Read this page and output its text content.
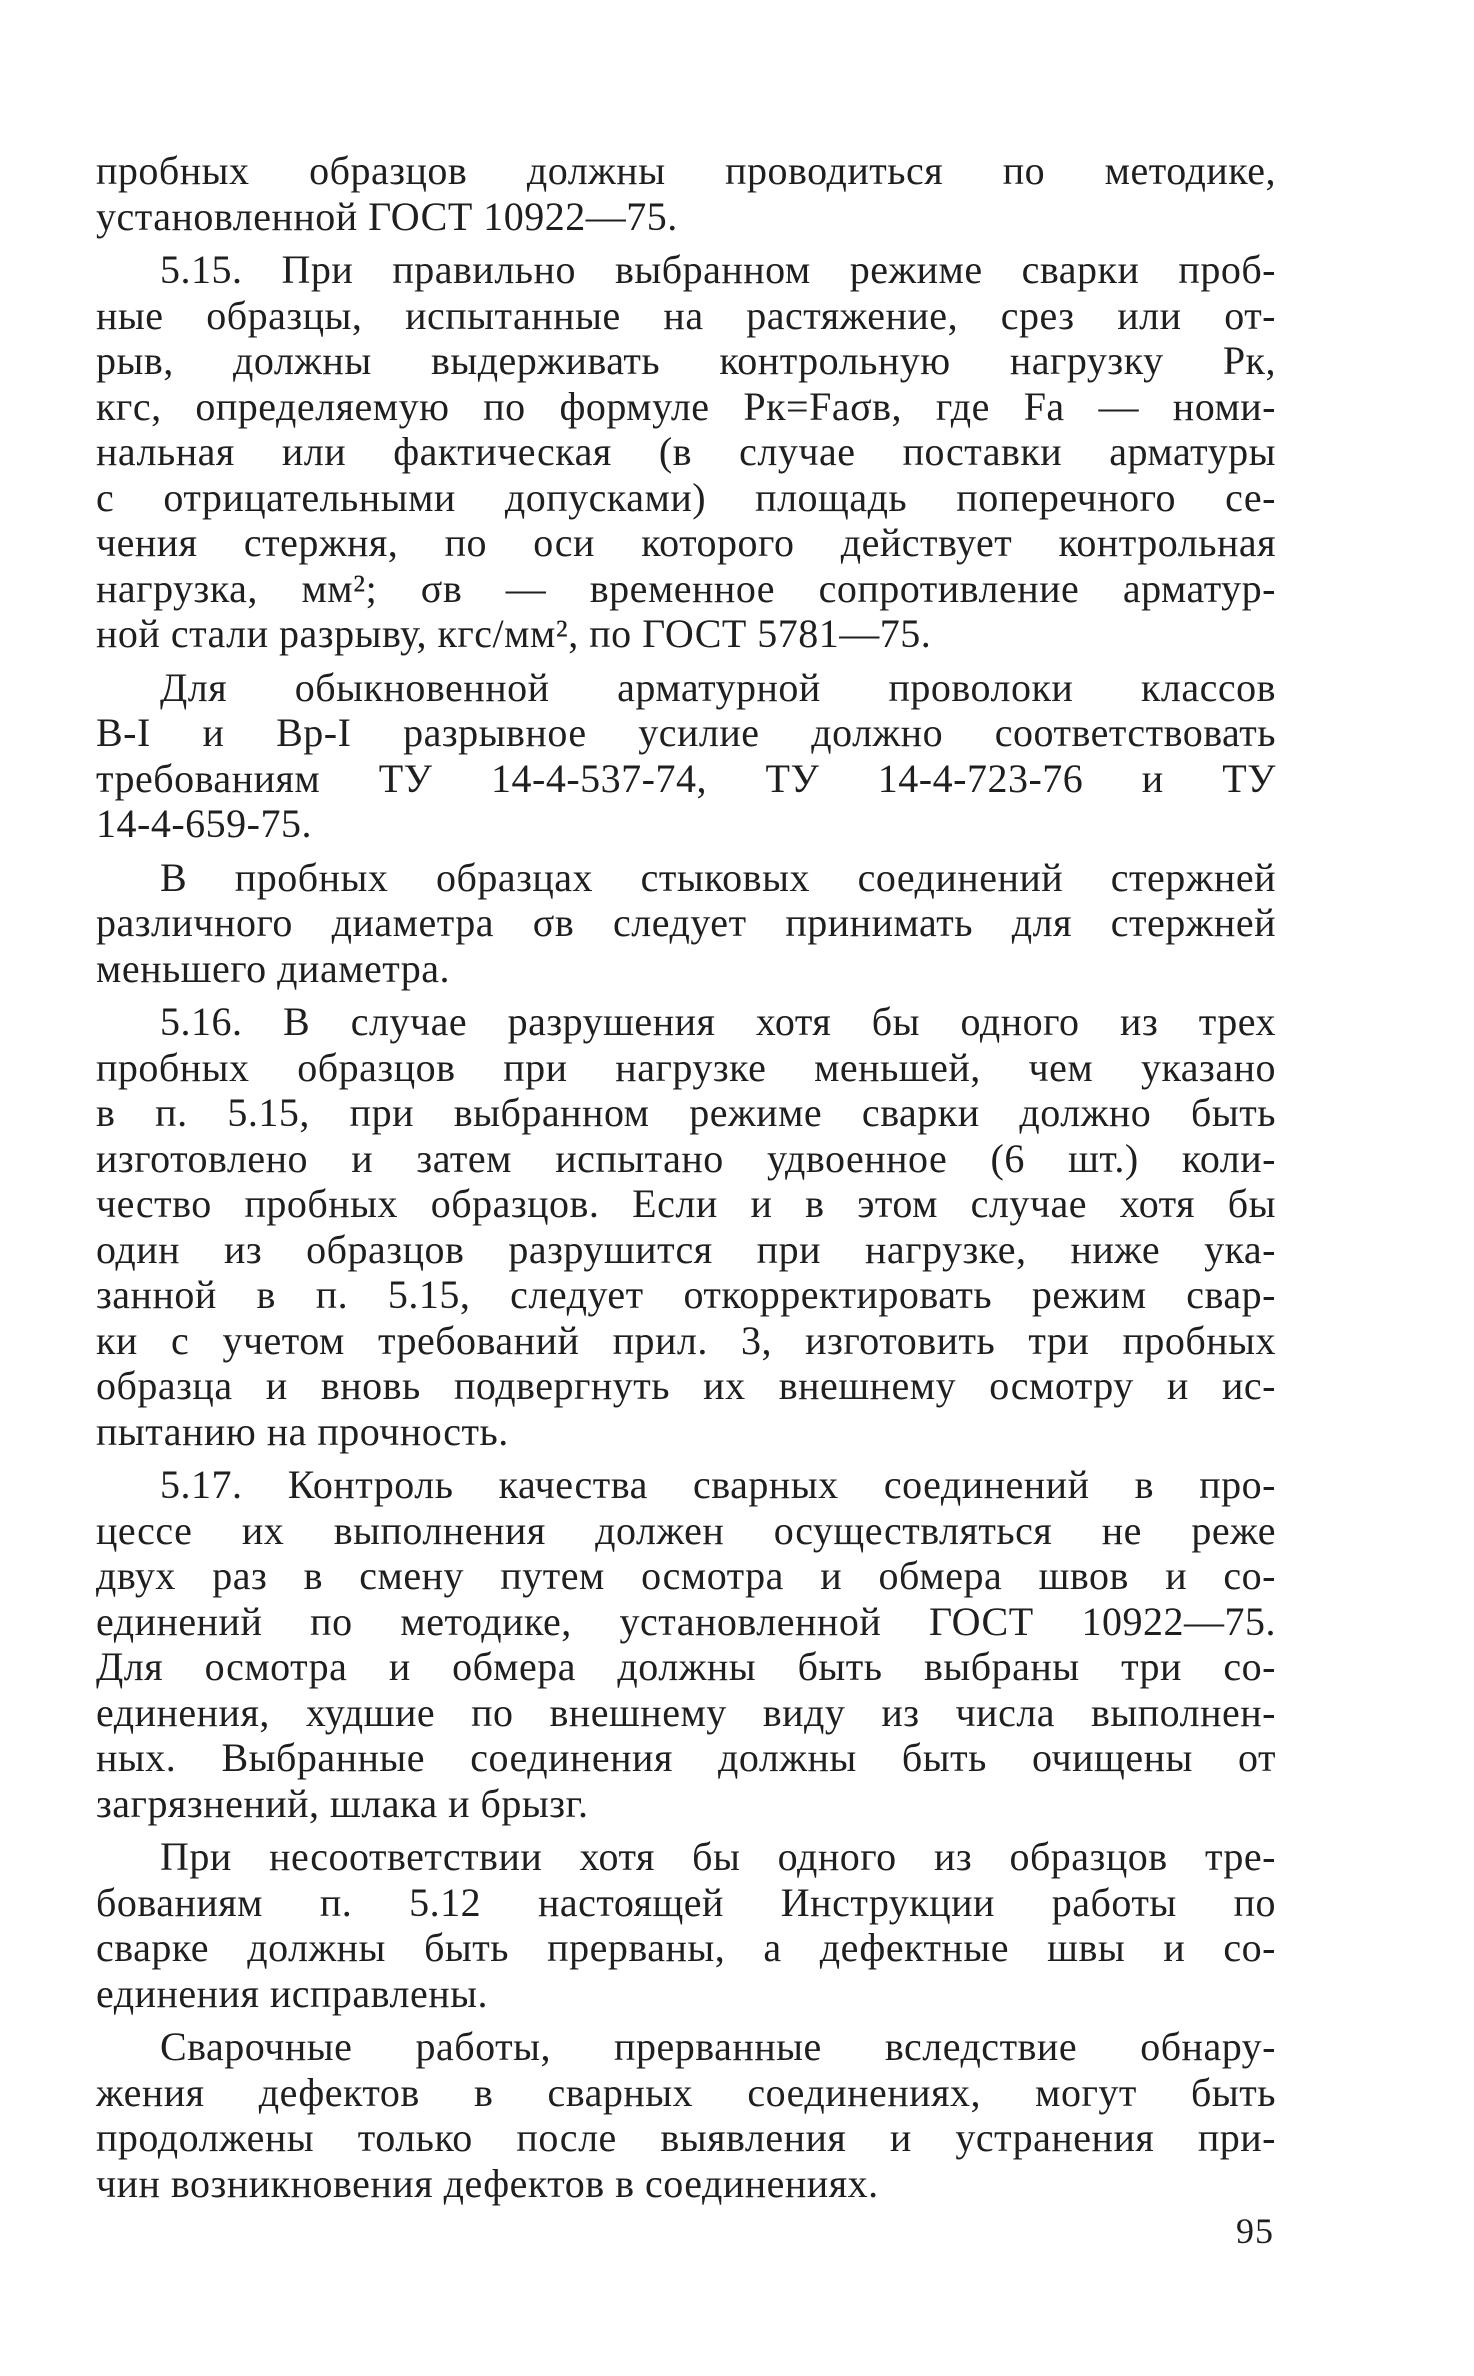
пробных образцов должны проводиться по методике,
установленной ГОСТ 10922—75.
5.15. При правильно выбранном режиме сварки проб-
ные образцы, испытанные на растяжение, срез или от-
рыв, должны выдерживать контрольную нагрузку Pк,
кгс, определяемую по формуле Pк=Faσв, где Fa — номи-
нальная или фактическая (в случае поставки арматуры
с отрицательными допусками) площадь поперечного се-
чения стержня, по оси которого действует контрольная
нагрузка, мм²; σв — временное сопротивление арматур-
ной стали разрыву, кгс/мм², по ГОСТ 5781—75.
Для обыкновенной арматурной проволоки классов
В-I и Вр-I разрывное усилие должно соответствовать
требованиям ТУ 14-4-537-74, ТУ 14-4-723-76 и ТУ
14-4-659-75.
В пробных образцах стыковых соединений стержней
различного диаметра σв следует принимать для стержней
меньшего диаметра.
5.16. В случае разрушения хотя бы одного из трех
пробных образцов при нагрузке меньшей, чем указано
в п. 5.15, при выбранном режиме сварки должно быть
изготовлено и затем испытано удвоенное (6 шт.) коли-
чество пробных образцов. Если и в этом случае хотя бы
один из образцов разрушится при нагрузке, ниже ука-
занной в п. 5.15, следует откорректировать режим свар-
ки с учетом требований прил. 3, изготовить три пробных
образца и вновь подвергнуть их внешнему осмотру и ис-
пытанию на прочность.
5.17. Контроль качества сварных соединений в про-
цессе их выполнения должен осуществляться не реже
двух раз в смену путем осмотра и обмера швов и со-
единений по методике, установленной ГОСТ 10922—75.
Для осмотра и обмера должны быть выбраны три со-
единения, худшие по внешнему виду из числа выполнен-
ных. Выбранные соединения должны быть очищены от
загрязнений, шлака и брызг.
При несоответствии хотя бы одного из образцов тре-
бованиям п. 5.12 настоящей Инструкции работы по
сварке должны быть прерваны, а дефектные швы и со-
единения исправлены.
Сварочные работы, прерванные вследствие обнару-
жения дефектов в сварных соединениях, могут быть
продолжены только после выявления и устранения при-
чин возникновения дефектов в соединениях.
95
